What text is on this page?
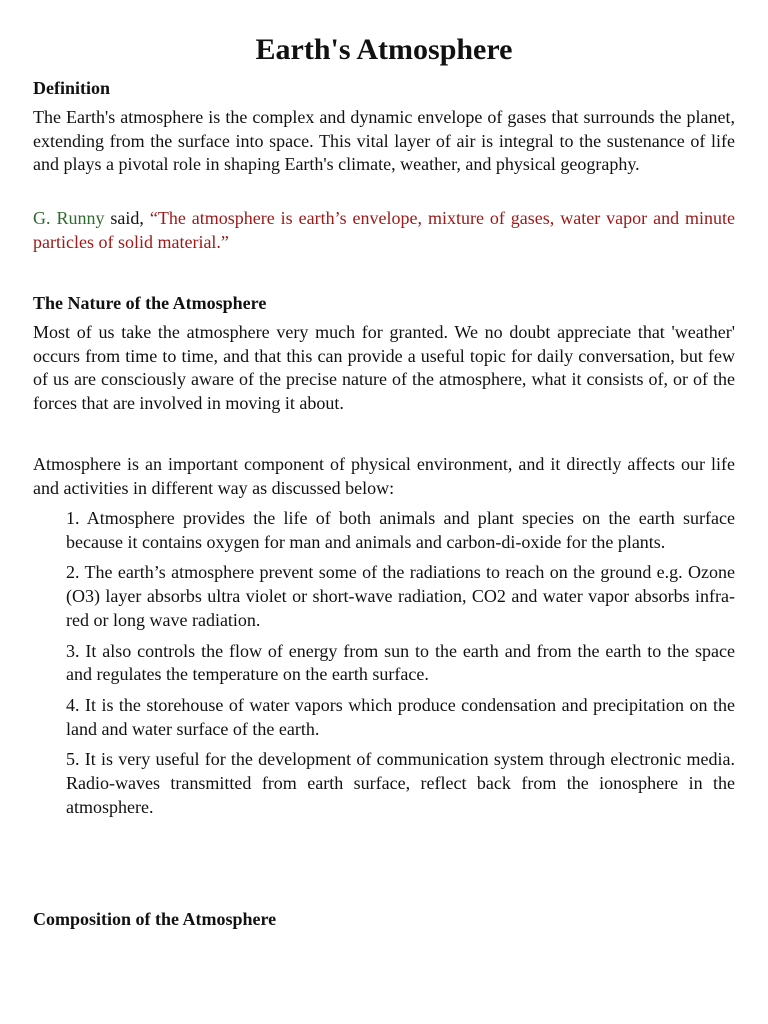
Earth's Atmosphere
Definition
The Earth's atmosphere is the complex and dynamic envelope of gases that surrounds the planet, extending from the surface into space. This vital layer of air is integral to the sustenance of life and plays a pivotal role in shaping Earth's climate, weather, and physical geography.
G. Runny said, “The atmosphere is earth’s envelope, mixture of gases, water vapor and minute particles of solid material.”
The Nature of the Atmosphere
Most of us take the atmosphere very much for granted. We no doubt appreciate that 'weather' occurs from time to time, and that this can provide a useful topic for daily conversation, but few of us are consciously aware of the precise nature of the atmosphere, what it consists of, or of the forces that are involved in moving it about.
Atmosphere is an important component of physical environment, and it directly affects our life and activities in different way as discussed below:
1. Atmosphere provides the life of both animals and plant species on the earth surface because it contains oxygen for man and animals and carbon-di-oxide for the plants.
2. The earth’s atmosphere prevent some of the radiations to reach on the ground e.g. Ozone (O3) layer absorbs ultra violet or short-wave radiation, CO2 and water vapor absorbs infra-red or long wave radiation.
3. It also controls the flow of energy from sun to the earth and from the earth to the space and regulates the temperature on the earth surface.
4. It is the storehouse of water vapors which produce condensation and precipitation on the land and water surface of the earth.
5. It is very useful for the development of communication system through electronic media. Radio-waves transmitted from earth surface, reflect back from the ionosphere in the atmosphere.
Composition of the Atmosphere
